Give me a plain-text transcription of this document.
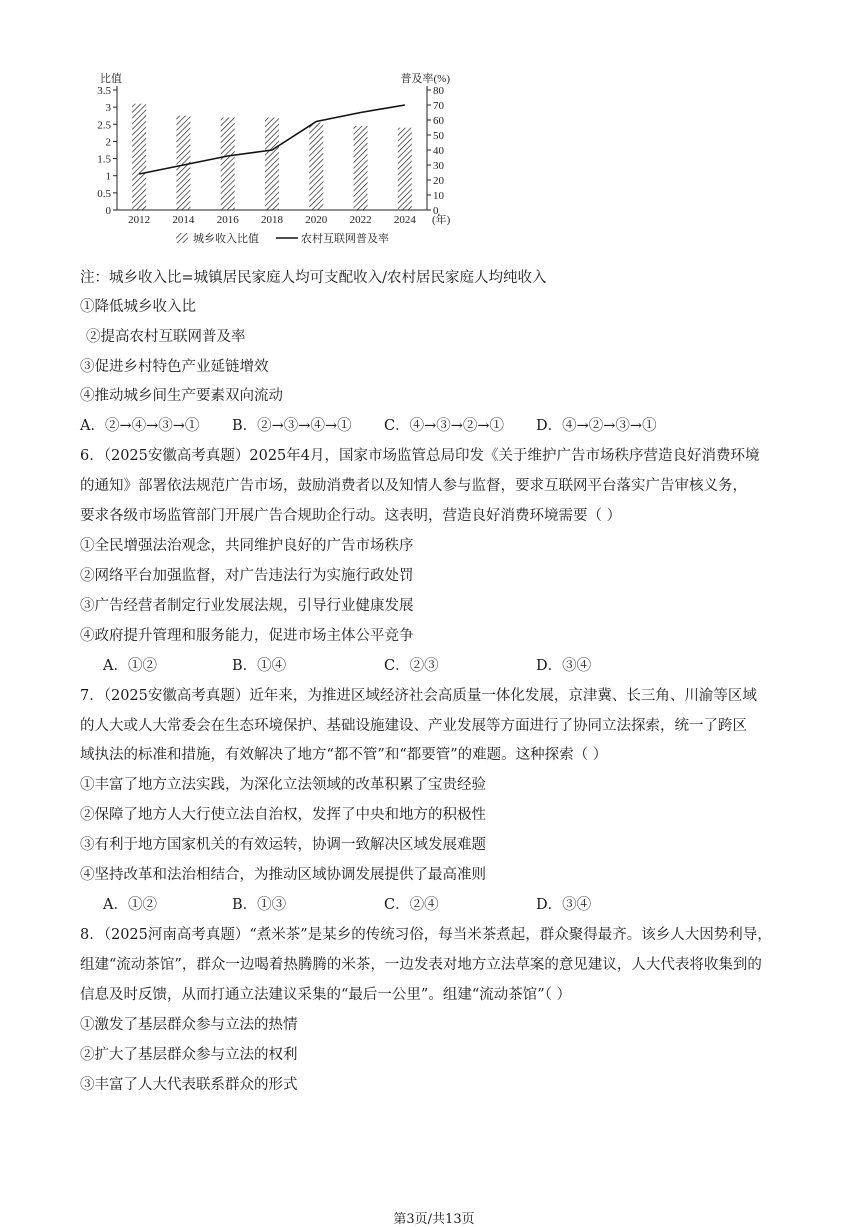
0
0.5
1
1.5
2
2.5
3
3.5
0
10
20
30
40
50
60
70
80
比值	普及率(%)
2012 2014 2016 2018 2020 2022 2024 (年)
城乡收入比值	农村互联网普及率
注：城乡收入比=城镇居民家庭人均可支配收入/农村居民家庭人均纯收入
①降低城乡收入比
②提高农村互联网普及率
③促进乡村特色产业延链增效
④推动城乡间生产要素双向流动
A．②→④→③→① B．②→③→④→① C．④→③→②→① D．④→②→③→①
6．（2025安徽高考真题）2025年4月，国家市场监管总局印发《关于维护广告市场秩序营造良好消费环境
的通知》部署依法规范广告市场，鼓励消费者以及知情人参与监督，要求互联网平台落实广告审核义务，
要求各级市场监管部门开展广告合规助企行动。这表明，营造良好消费环境需要（ ）
①全民增强法治观念，共同维护良好的广告市场秩序
②网络平台加强监督，对广告违法行为实施行政处罚
③广告经营者制定行业发展法规，引导行业健康发展
④政府提升管理和服务能力，促进市场主体公平竞争
A．①②	B．①④	C．②③	D．③④
7．（2025安徽高考真题）近年来，为推进区域经济社会高质量一体化发展，京津冀、长三角、川渝等区域
的人大或人大常委会在生态环境保护、基础设施建设、产业发展等方面进行了协同立法探索，统一了跨区
域执法的标准和措施，有效解决了地方“都不管”和“都要管”的难题。这种探索（ ）
①丰富了地方立法实践，为深化立法领域的改革积累了宝贵经验
②保障了地方人大行使立法自治权，发挥了中央和地方的积极性
③有利于地方国家机关的有效运转，协调一致解决区域发展难题
④坚持改革和法治相结合，为推动区域协调发展提供了最高准则
A．①②	B．①③	C．②④	D．③④
8．（2025河南高考真题）“煮米茶”是某乡的传统习俗，每当米茶煮起，群众聚得最齐。该乡人大因势利导，
组建“流动茶馆”，群众一边喝着热腾腾的米茶，一边发表对地方立法草案的意见建议，人大代表将收集到的
信息及时反馈，从而打通立法建议采集的“最后一公里”。组建“流动茶馆”（ ）
①激发了基层群众参与立法的热情
②扩大了基层群众参与立法的权利
③丰富了人大代表联系群众的形式
第3页/共13页
